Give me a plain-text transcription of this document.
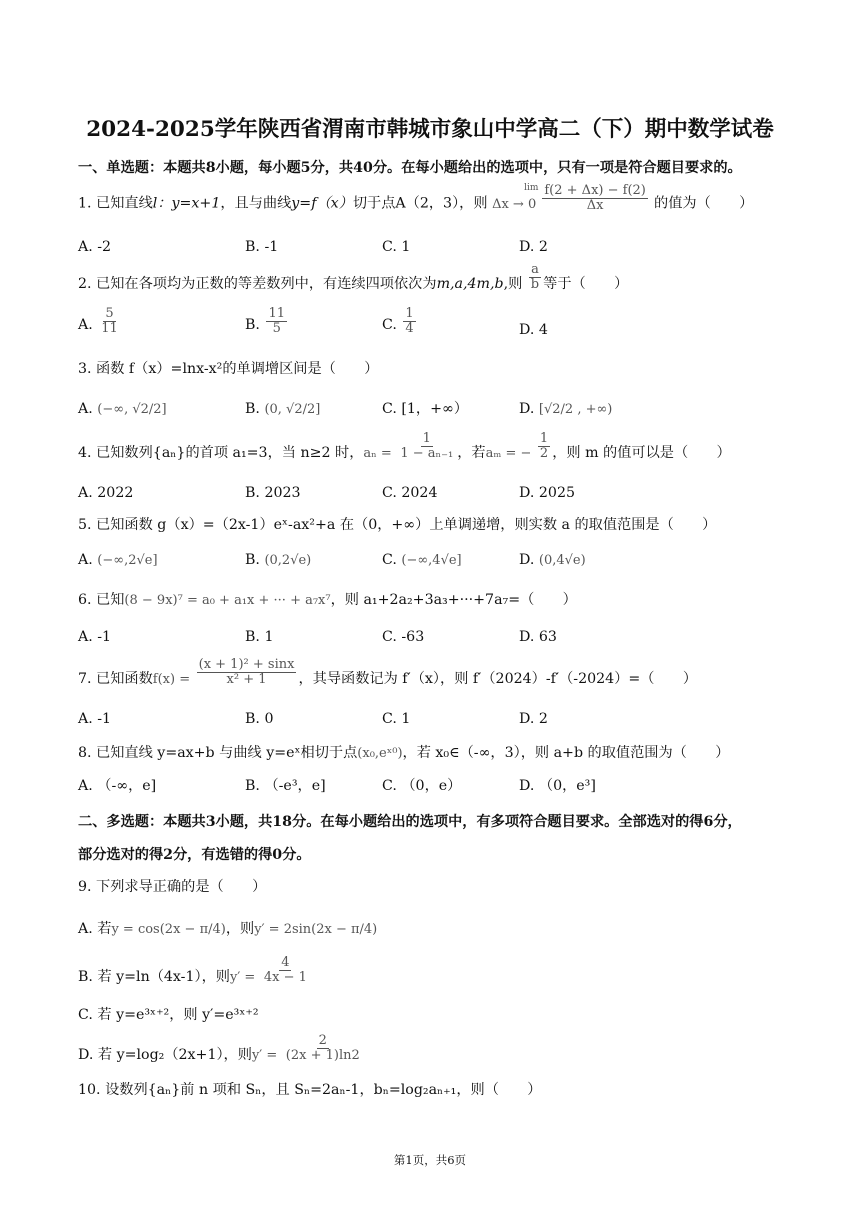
2024-2025学年陕西省渭南市韩城市象山中学高二（下）期中数学试卷
一、单选题：本题共8小题，每小题5分，共40分。在每小题给出的选项中，只有一项是符合题目要求的。
1. 已知直线l：y=x+1，且与曲线y=f（x）切于点A（2，3），则
lim
$\Delta x \to 0 \frac{f(2 + \Delta x) - f(2)}{\Delta x}$ 的值为（　　）
A. -2	B. -1	C. 1	D. 2
2. 已知在各项均为正数的等差数列中，有连续四项依次为m,a,4m,b,则 $\frac{a}{b}$ 等于（　　）
A. $\frac{5}{11}$	B. $\frac{11}{5}$	C. $\frac{1}{4}$	D. 4
3. 函数 f（x）=lnx-x²的单调增区间是（　　）
A. (−∞, √2/2]	B. (0, √2/2]	C. [1，+∞）	D. [√2/2 , +∞)
4. 已知数列{aₙ}的首项 a₁=3，当 n≥2 时，$a_n = \frac{1}{\text{1 − aₙ₋₁}}$ ，若aₘ = − $\frac{1}{2}$ ，则 m 的值可以是（　　）
A. 2022	B. 2023	C. 2024	D. 2025
5. 已知函数 g（x）=（2x-1）eˣ-ax²+a 在（0，+∞）上单调递增，则实数 a 的取值范围是（　　）
A. (−∞,2√e]	B. (0,2√e)	C. (−∞,4√e]	D. (0,4√e)
6. 已知(8 − 9x)⁷ = a₀ + a₁x + ··· + a₇x⁷，则 a₁+2a₂+3a₃+···+7a₇=（　　）
A. -1	B. 1	C. -63	D. 63
7. 已知函数$f(x) = \frac{\text{(x + 1)² + sinx}}{\text{x² + 1}}$ ，其导函数记为 f′（x），则 f′（2024）-f′（-2024）=（　　）
A. -1	B. 0	C. 1	D. 2
8. 已知直线 y=ax+b 与曲线 y=eˣ相切于点(x₀,eˣ⁰)，若 x₀∈（-∞，3），则 a+b 的取值范围为（　　）
A. （-∞，e]	B. （-e³，e]	C. （0，e）	D. （0，e³]
二、多选题：本题共3小题，共18分。在每小题给出的选项中，有多项符合题目要求。全部选对的得6分，
部分选对的得2分，有选错的得0分。
9. 下列求导正确的是（　　）
A. 若y = cos(2x − π/4)，则y′ = 2sin(2x − π/4)
B. 若 y=ln（4x-1），则$y' = \frac{4}{4x - 1}$
C. 若 y=e³ˣ⁺²，则 y′=e³ˣ⁺²
D. 若 y=log₂（2x+1），则$y' = \frac{2}{(2x + 1)\ln 2}$
10. 设数列{aₙ}前 n 项和 Sₙ，且 Sₙ=2aₙ-1，bₙ=log₂aₙ₊₁，则（　　）
第1页，共6页
